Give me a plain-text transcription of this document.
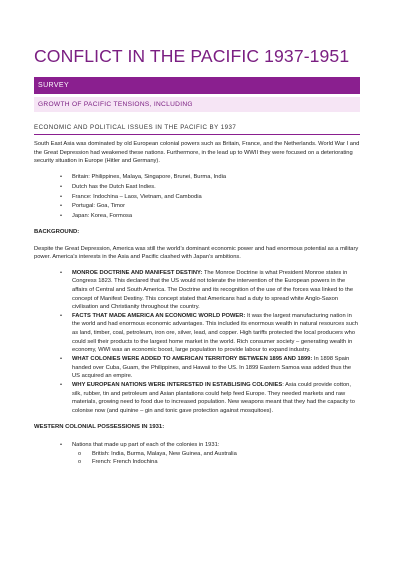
CONFLICT IN THE PACIFIC 1937-1951
SURVEY
GROWTH OF PACIFIC TENSIONS, INCLUDING
ECONOMIC AND POLITICAL ISSUES IN THE PACIFIC BY 1937

South East Asia was dominated by old European colonial powers such as Britain, France, and the Netherlands. World War I and the Great Depression had weakened these nations. Furthermore, in the lead up to WWII they were focused on a deteriorating security situation in Europe (Hitler and Germany).

• Britain: Philippines, Malaya, Singapore, Brunei, Burma, India
• Dutch has the Dutch East Indies.
• France: Indochina – Laos, Vietnam, and Cambodia
• Portugal: Goa, Timor
• Japan: Korea, Formosa

BACKGROUND:

Despite the Great Depression, America was still the world’s dominant economic power and had enormous potential as a military power. America’s interests in the Asia and Pacific clashed with Japan’s ambitions.

• MONROE DOCTRINE AND MANIFEST DESTINY: The Monroe Doctrine is what President Monroe states in Congress 1823. This declared that the US would not tolerate the intervention of the European powers in the affairs of Central and South America. The Doctrine and its recognition of the use of the forces was linked to the concept of Manifest Destiny. This concept stated that Americans had a duty to spread white Anglo-Saxon civilisation and Christianity throughout the country.
• FACTS THAT MADE AMERICA AN ECONOMIC WORLD POWER: It was the largest manufacturing nation in the world and had enormous economic advantages. This included its enormous wealth in natural resources such as land, timber, coal, petroleum, iron ore, silver, lead, and copper. High tariffs protected the local producers who could sell their products to the largest home market in the world. Rich consumer society – generating wealth in economy, WWI was an economic boost, large population to provide labour to expand industry.
• WHAT COLONIES WERE ADDED TO AMERICAN TERRITORY BETWEEN 1895 AND 1899: In 1898 Spain handed over Cuba, Guam, the Philippines, and Hawaii to the US. In 1899 Eastern Samoa was added thus the US acquired an empire.
• WHY EUROPEAN NATIONS WERE INTERESTED IN ESTABLISING COLONIES: Asia could provide cotton, silk, rubber, tin and petroleum and Asian plantations could help feed Europe. They needed markets and raw materials, growing need to food due to increased population. New weapons meant that they had the capacity to colonise now (and quinine – gin and tonic gave protection against mosquitoes).

WESTERN COLONIAL POSSESSIONS IN 1931:

• Nations that made up part of each of the colonies in 1931:
o British: India, Burma, Malaya, New Guinea, and Australia
o French: French Indochina
